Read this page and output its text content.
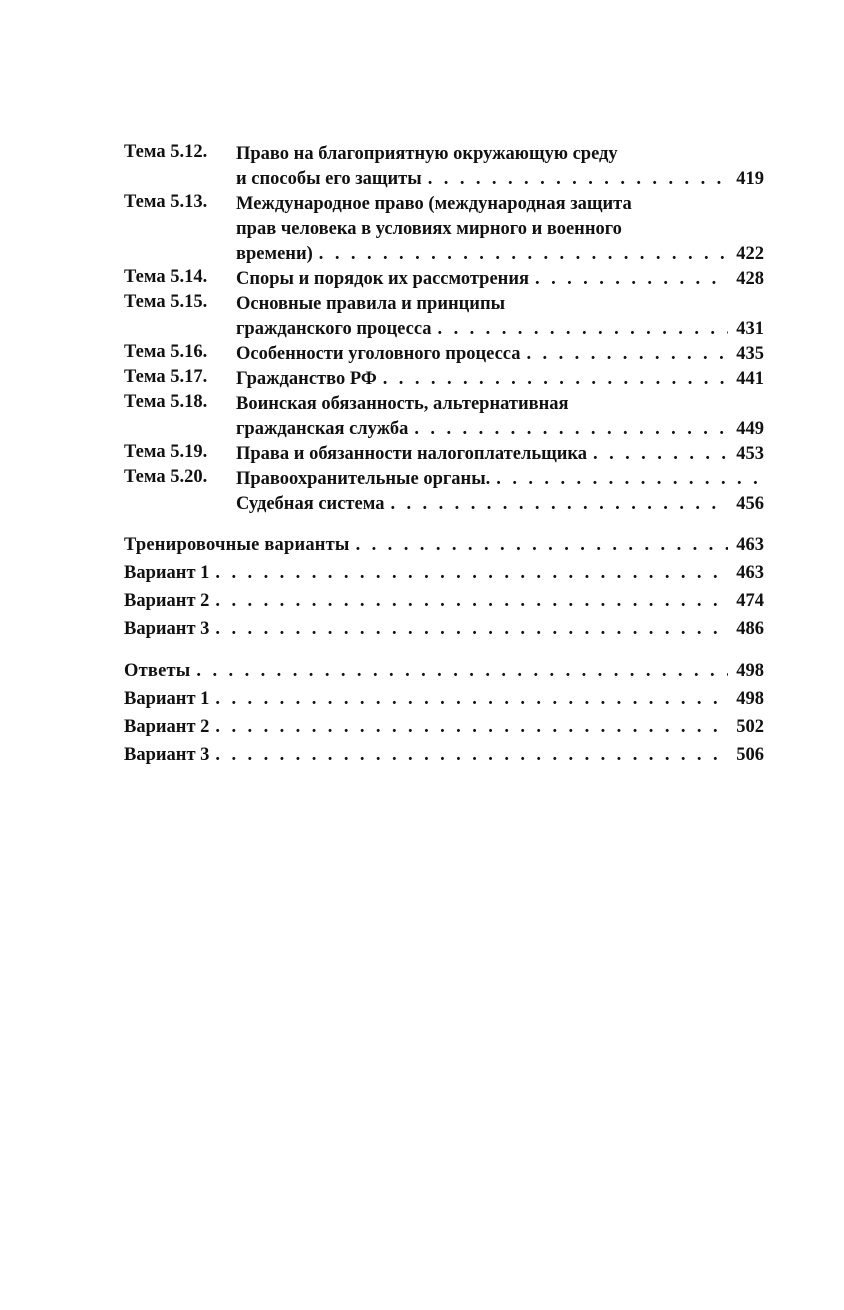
Тема 5.12.	Право на благоприятную окружающую среду
и способы его защиты . . .	419
Тема 5.13.	Международное право (международная защита
прав человека в условиях мирного и военного
времени) . . .	422
Тема 5.14.	Споры и порядок их рассмотрения . . .	428
Тема 5.15.	Основные правила и принципы
гражданского процесса . . .	431
Тема 5.16.	Особенности уголовного процесса . . .	435
Тема 5.17.	Гражданство РФ . . .	441
Тема 5.18.	Воинская обязанность, альтернативная
гражданская служба . . .	449
Тема 5.19.	Права и обязанности налогоплательщика . . .	453
Тема 5.20.	Правоохранительные органы.
. . .
Судебная система . . .	456
Тренировочные варианты . . .	463
Вариант 1 . . .	463
Вариант 2 . . .	474
Вариант 3 . . .	486
Ответы . . .	498
Вариант 1 . . .	498
Вариант 2 . . .	502
Вариант 3 . . .	506
